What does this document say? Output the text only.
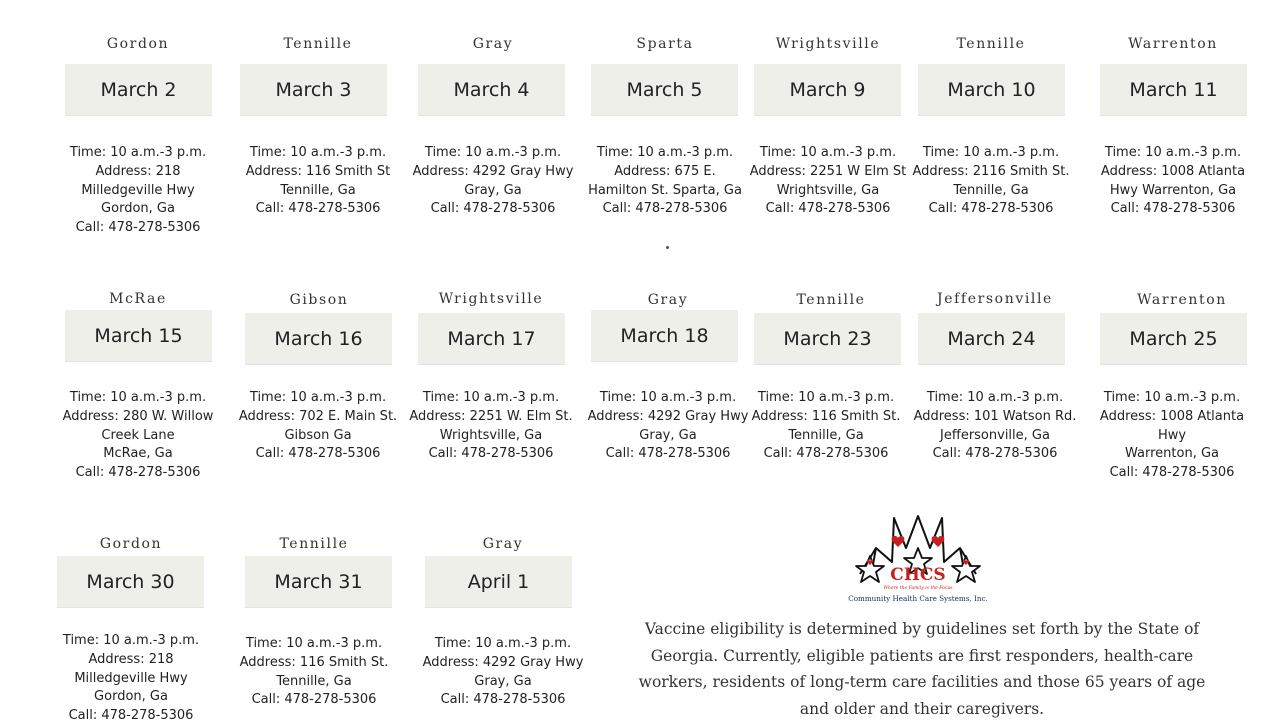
Gordon
March 2
Time: 10 a.m.-3 p.m.
Address: 218
Milledgeville Hwy
Gordon, Ga
Call: 478-278-5306
Tennille
March 3
Time: 10 a.m.-3 p.m.
Address: 116 Smith St
Tennille, Ga
Call: 478-278-5306
Gray
March 4
Time: 10 a.m.-3 p.m.
Address: 4292 Gray Hwy
Gray, Ga
Call: 478-278-5306
Sparta
March 5
Time: 10 a.m.-3 p.m.
Address: 675 E.
Hamilton St. Sparta, Ga
Call: 478-278-5306
Wrightsville
March 9
Time: 10 a.m.-3 p.m.
Address: 2251 W Elm St
Wrightsville, Ga
Call: 478-278-5306
Tennille
March 10
Time: 10 a.m.-3 p.m.
Address: 2116 Smith St.
Tennille, Ga
Call: 478-278-5306
Warrenton
March 11
Time: 10 a.m.-3 p.m.
Address: 1008 Atlanta
Hwy Warrenton, Ga
Call: 478-278-5306
McRae
March 15
Time: 10 a.m.-3 p.m.
Address: 280 W. Willow
Creek Lane
McRae, Ga
Call: 478-278-5306
Gibson
March 16
Time: 10 a.m.-3 p.m.
Address: 702 E. Main St.
Gibson Ga
Call: 478-278-5306
Wrightsville
March 17
Time: 10 a.m.-3 p.m.
Address: 2251 W. Elm St.
Wrightsville, Ga
Call: 478-278-5306
Gray
March 18
Time: 10 a.m.-3 p.m.
Address: 4292 Gray Hwy
Gray, Ga
Call: 478-278-5306
Tennille
March 23
Time: 10 a.m.-3 p.m.
Address: 116 Smith St.
Tennille, Ga
Call: 478-278-5306
Jeffersonville
March 24
Time: 10 a.m.-3 p.m.
Address: 101 Watson Rd.
Jeffersonville, Ga
Call: 478-278-5306
Warrenton
March 25
Time: 10 a.m.-3 p.m.
Address: 1008 Atlanta
Hwy
Warrenton, Ga
Call: 478-278-5306
Gordon
March 30
Time: 10 a.m.-3 p.m.
Address: 218
Milledgeville Hwy
Gordon, Ga
Call: 478-278-5306
Tennille
March 31
Time: 10 a.m.-3 p.m.
Address: 116 Smith St.
Tennille, Ga
Call: 478-278-5306
Gray
April 1
Time: 10 a.m.-3 p.m.
Address: 4292 Gray Hwy
Gray, Ga
Call: 478-278-5306
CHCS
Where the Family is the Focus
Community Health Care Systems, Inc.
Vaccine eligibility is determined by guidelines set forth by the State of
Georgia. Currently, eligible patients are first responders, health-care
workers, residents of long-term care facilities and those 65 years of age
and older and their caregivers.
